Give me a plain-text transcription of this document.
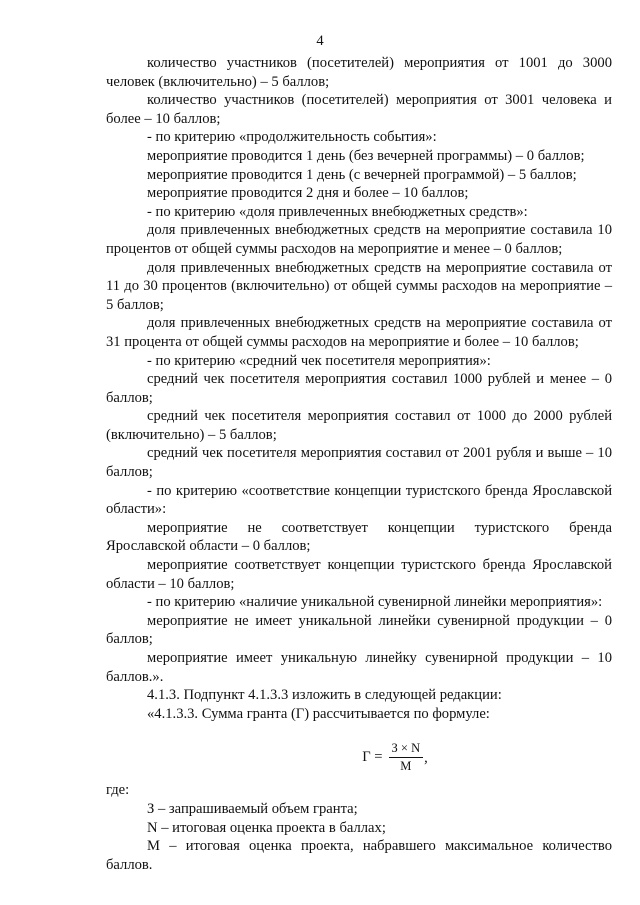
4

количество участников (посетителей) мероприятия от 1001 до 3000 человек (включительно) – 5 баллов;

количество участников (посетителей) мероприятия от 3001 человека и более – 10 баллов;

- по критерию «продолжительность события»:

мероприятие проводится 1 день (без вечерней программы) – 0 баллов;

мероприятие проводится 1 день (с вечерней программой) – 5 баллов;

мероприятие проводится 2 дня и более – 10 баллов;

- по критерию «доля привлеченных внебюджетных средств»:

доля привлеченных внебюджетных средств на мероприятие составила 10 процентов от общей суммы расходов на мероприятие и менее – 0 баллов;

доля привлеченных внебюджетных средств на мероприятие составила от 11 до 30 процентов (включительно) от общей суммы расходов на мероприятие – 5 баллов;

доля привлеченных внебюджетных средств на мероприятие составила от 31 процента от общей суммы расходов на мероприятие и более – 10 баллов;

- по критерию «средний чек посетителя мероприятия»:

средний чек посетителя мероприятия составил 1000 рублей и менее – 0 баллов;

средний чек посетителя мероприятия составил от 1000 до 2000 рублей (включительно) – 5 баллов;

средний чек посетителя мероприятия составил от 2001 рубля и выше – 10 баллов;

- по критерию «соответствие концепции туристского бренда Ярославской области»:

мероприятие не соответствует концепции туристского бренда Ярославской области – 0 баллов;

мероприятие соответствует концепции туристского бренда Ярославской области – 10 баллов;

- по критерию «наличие уникальной сувенирной линейки мероприятия»:

мероприятие не имеет уникальной линейки сувенирной продукции – 0 баллов;

мероприятие имеет уникальную линейку сувенирной продукции – 10 баллов.».

4.1.3. Подпункт 4.1.3.3 изложить в следующей редакции:

«4.1.3.3. Сумма гранта (Г) рассчитывается по формуле:

$Г = \frac{З \times N}{М}$ ,

где:

З – запрашиваемый объем гранта;

N – итоговая оценка проекта в баллах;

М – итоговая оценка проекта, набравшего максимальное количество баллов.
